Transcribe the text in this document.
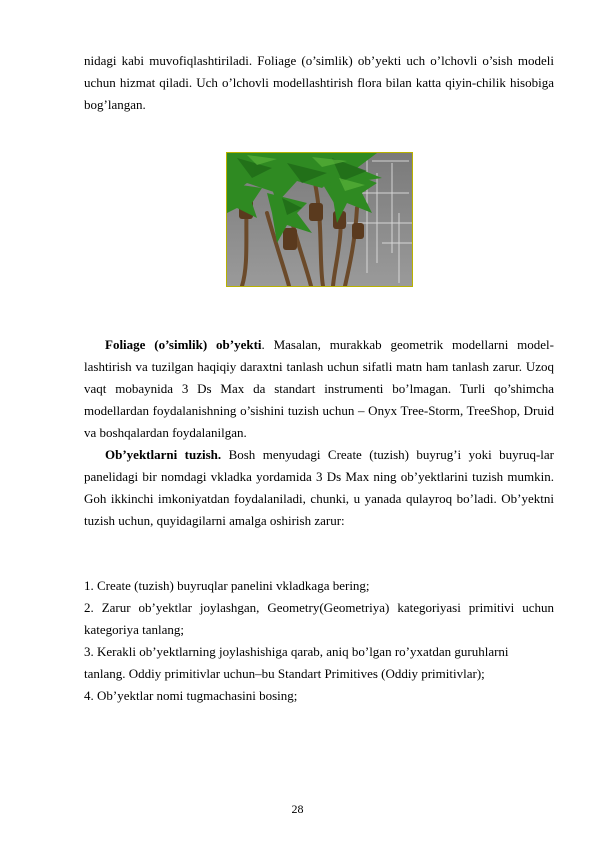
nidagi kabi muvofiqlashtiriladi. Foliage (o’simlik) ob’yekti uch o’lchovli o’sish modeli uchun hizmat qiladi. Uch o’lchovli modellashtirish flora bilan katta qiyin-chilik hisobiga bog’langan.
Foliage (o’simlik) ob’yekti. Masalan, murakkab geometrik modellarni model-lashtirish va tuzilgan haqiqiy daraxtni tanlash uchun sifatli matn ham tanlash zarur. Uzoq vaqt mobaynida 3 Ds Max da standart instrumenti bo’lmagan. Turli qo’shimcha modellardan foydalanishning o’sishini tuzish uchun – Onyx Tree-Storm, TreeShop, Druid va boshqalardan foydalanilgan.
Ob’yektlarni tuzish. Bosh menyudagi Create (tuzish) buyrug’i yoki buyruq-lar panelidagi bir nomdagi vkladka yordamida 3 Ds Max ning ob’yektlarini tuzish mumkin. Goh ikkinchi imkoniyatdan foydalaniladi, chunki, u yanada qulayroq bo’ladi. Ob’yektni tuzish uchun, quyidagilarni amalga oshirish zarur:
1. Create (tuzish) buyruqlar panelini vkladkaga bering;
2. Zarur ob’yektlar joylashgan, Geometry(Geometriya) kategoriyasi primitivi uchun kategoriya tanlang;
3. Kerakli ob’yektlarning joylashishiga qarab, aniq bo’lgan ro’yxatdan guruhlarni
tanlang. Oddiy primitivlar uchun–bu Standart Primitives (Oddiy primitivlar);
4. Ob’yektlar nomi tugmachasini bosing;
28
